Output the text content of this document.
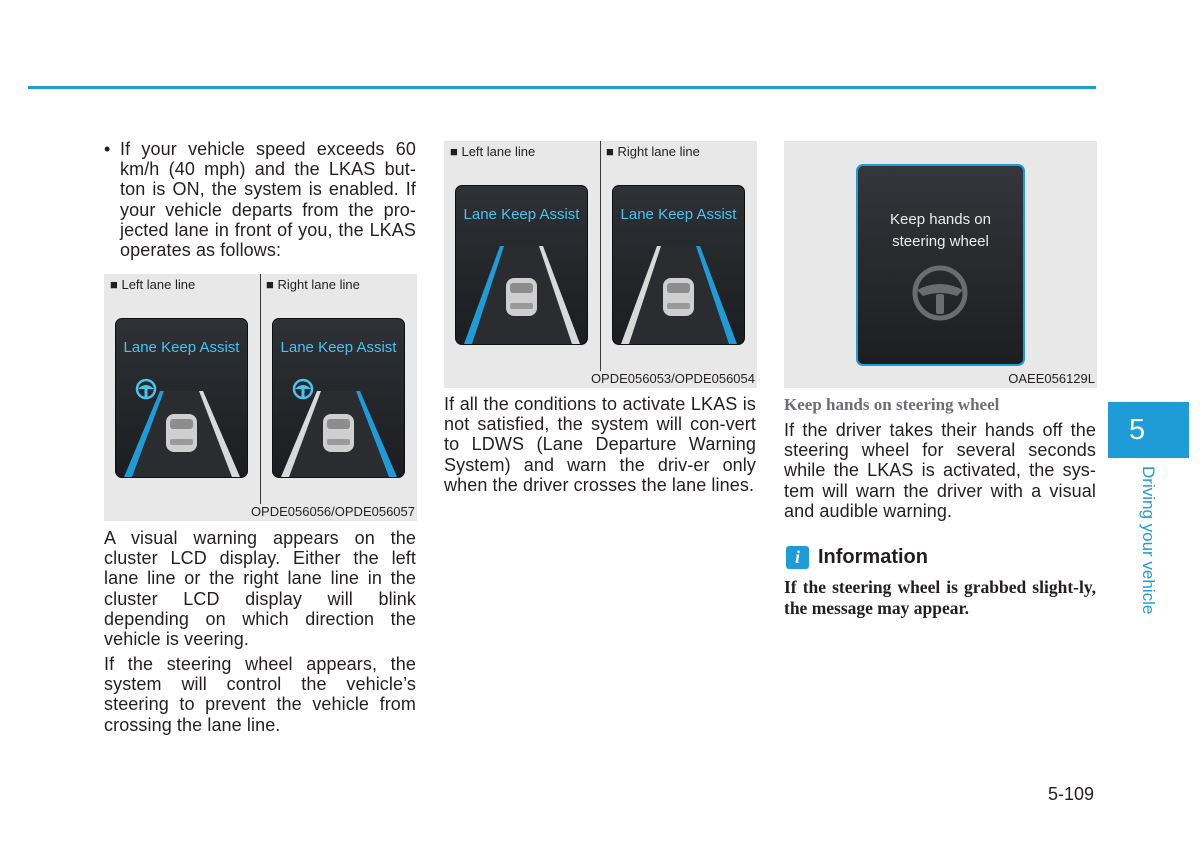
• If your vehicle speed exceeds 60 km/h (40 mph) and the LKAS but-ton is ON, the system is enabled. If your vehicle departs from the pro-jected lane in front of you, the LKAS operates as follows:
■ Left lane line	■ Right lane line
Lane Keep Assist	Lane Keep Assist
OPDE056056/OPDE056057

A visual warning appears on the cluster LCD display. Either the left lane line or the right lane line in the cluster LCD display will blink depending on which direction the vehicle is veering.

If the steering wheel appears, the system will control the vehicle’s steering to prevent the vehicle from crossing the lane line.

■ Left lane line	■ Right lane line
Lane Keep Assist	Lane Keep Assist
OPDE056053/OPDE056054

If all the conditions to activate LKAS is not satisfied, the system will con-vert to LDWS (Lane Departure Warning System) and warn the driv-er only when the driver crosses the lane lines.

Keep hands on
steering wheel
OAEE056129L
Keep hands on steering wheel

If the driver takes their hands off the steering wheel for several seconds while the LKAS is activated, the sys-tem will warn the driver with a visual and audible warning.

i Information

If the steering wheel is grabbed slight-ly, the message may appear.

5
Driving your vehicle
5-109
